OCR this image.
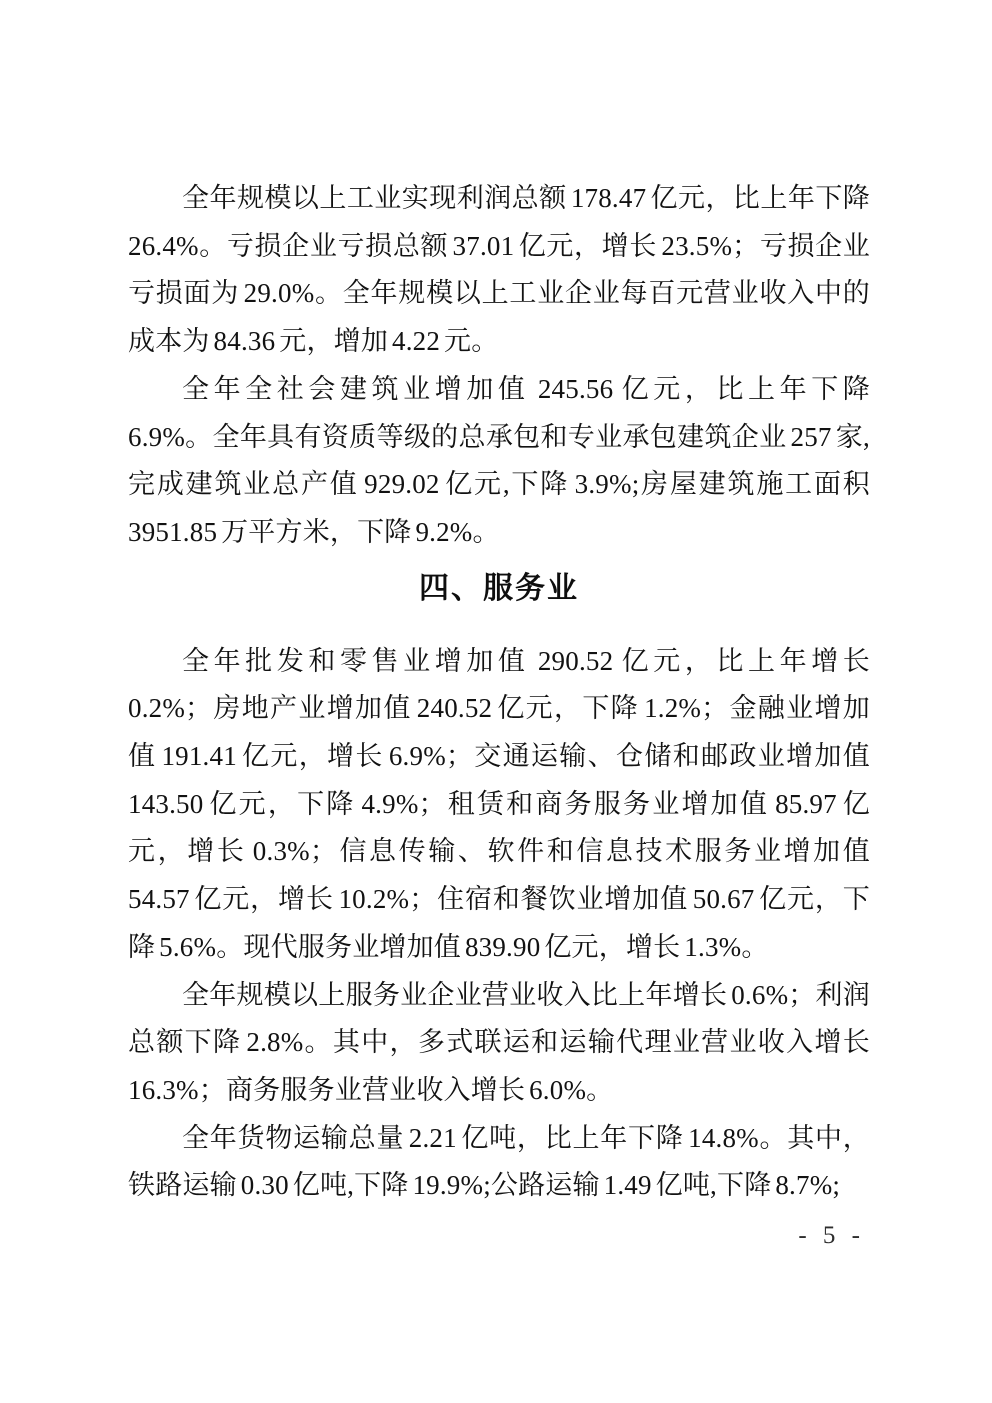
全年规模以上工业实现利润总额 178.47 亿元，比上年下降 26.4%。亏损企业亏损总额 37.01 亿元，增长 23.5%；亏损企业亏损面为 29.0%。全年规模以上工业企业每百元营业收入中的成本为 84.36 元，增加 4.22 元。

全年全社会建筑业增加值 245.56 亿元，比上年下降 6.9%。全年具有资质等级的总承包和专业承包建筑企业 257 家,完成建筑业总产值 929.02 亿元,下降 3.9%;房屋建筑施工面积 3951.85 万平方米，下降 9.2%。

四、服务业

全年批发和零售业增加值 290.52 亿元，比上年增长 0.2%；房地产业增加值 240.52 亿元，下降 1.2%；金融业增加值 191.41 亿元，增长 6.9%；交通运输、仓储和邮政业增加值 143.50 亿元，下降 4.9%；租赁和商务服务业增加值 85.97 亿元，增长 0.3%；信息传输、软件和信息技术服务业增加值 54.57 亿元，增长 10.2%；住宿和餐饮业增加值 50.67 亿元，下降 5.6%。现代服务业增加值 839.90 亿元，增长 1.3%。

全年规模以上服务业企业营业收入比上年增长 0.6%；利润总额下降 2.8%。其中，多式联运和运输代理业营业收入增长 16.3%；商务服务业营业收入增长 6.0%。

全年货物运输总量 2.21 亿吨，比上年下降 14.8%。其中，铁路运输 0.30 亿吨,下降 19.9%;公路运输 1.49 亿吨,下降 8.7%;

- 5 -
